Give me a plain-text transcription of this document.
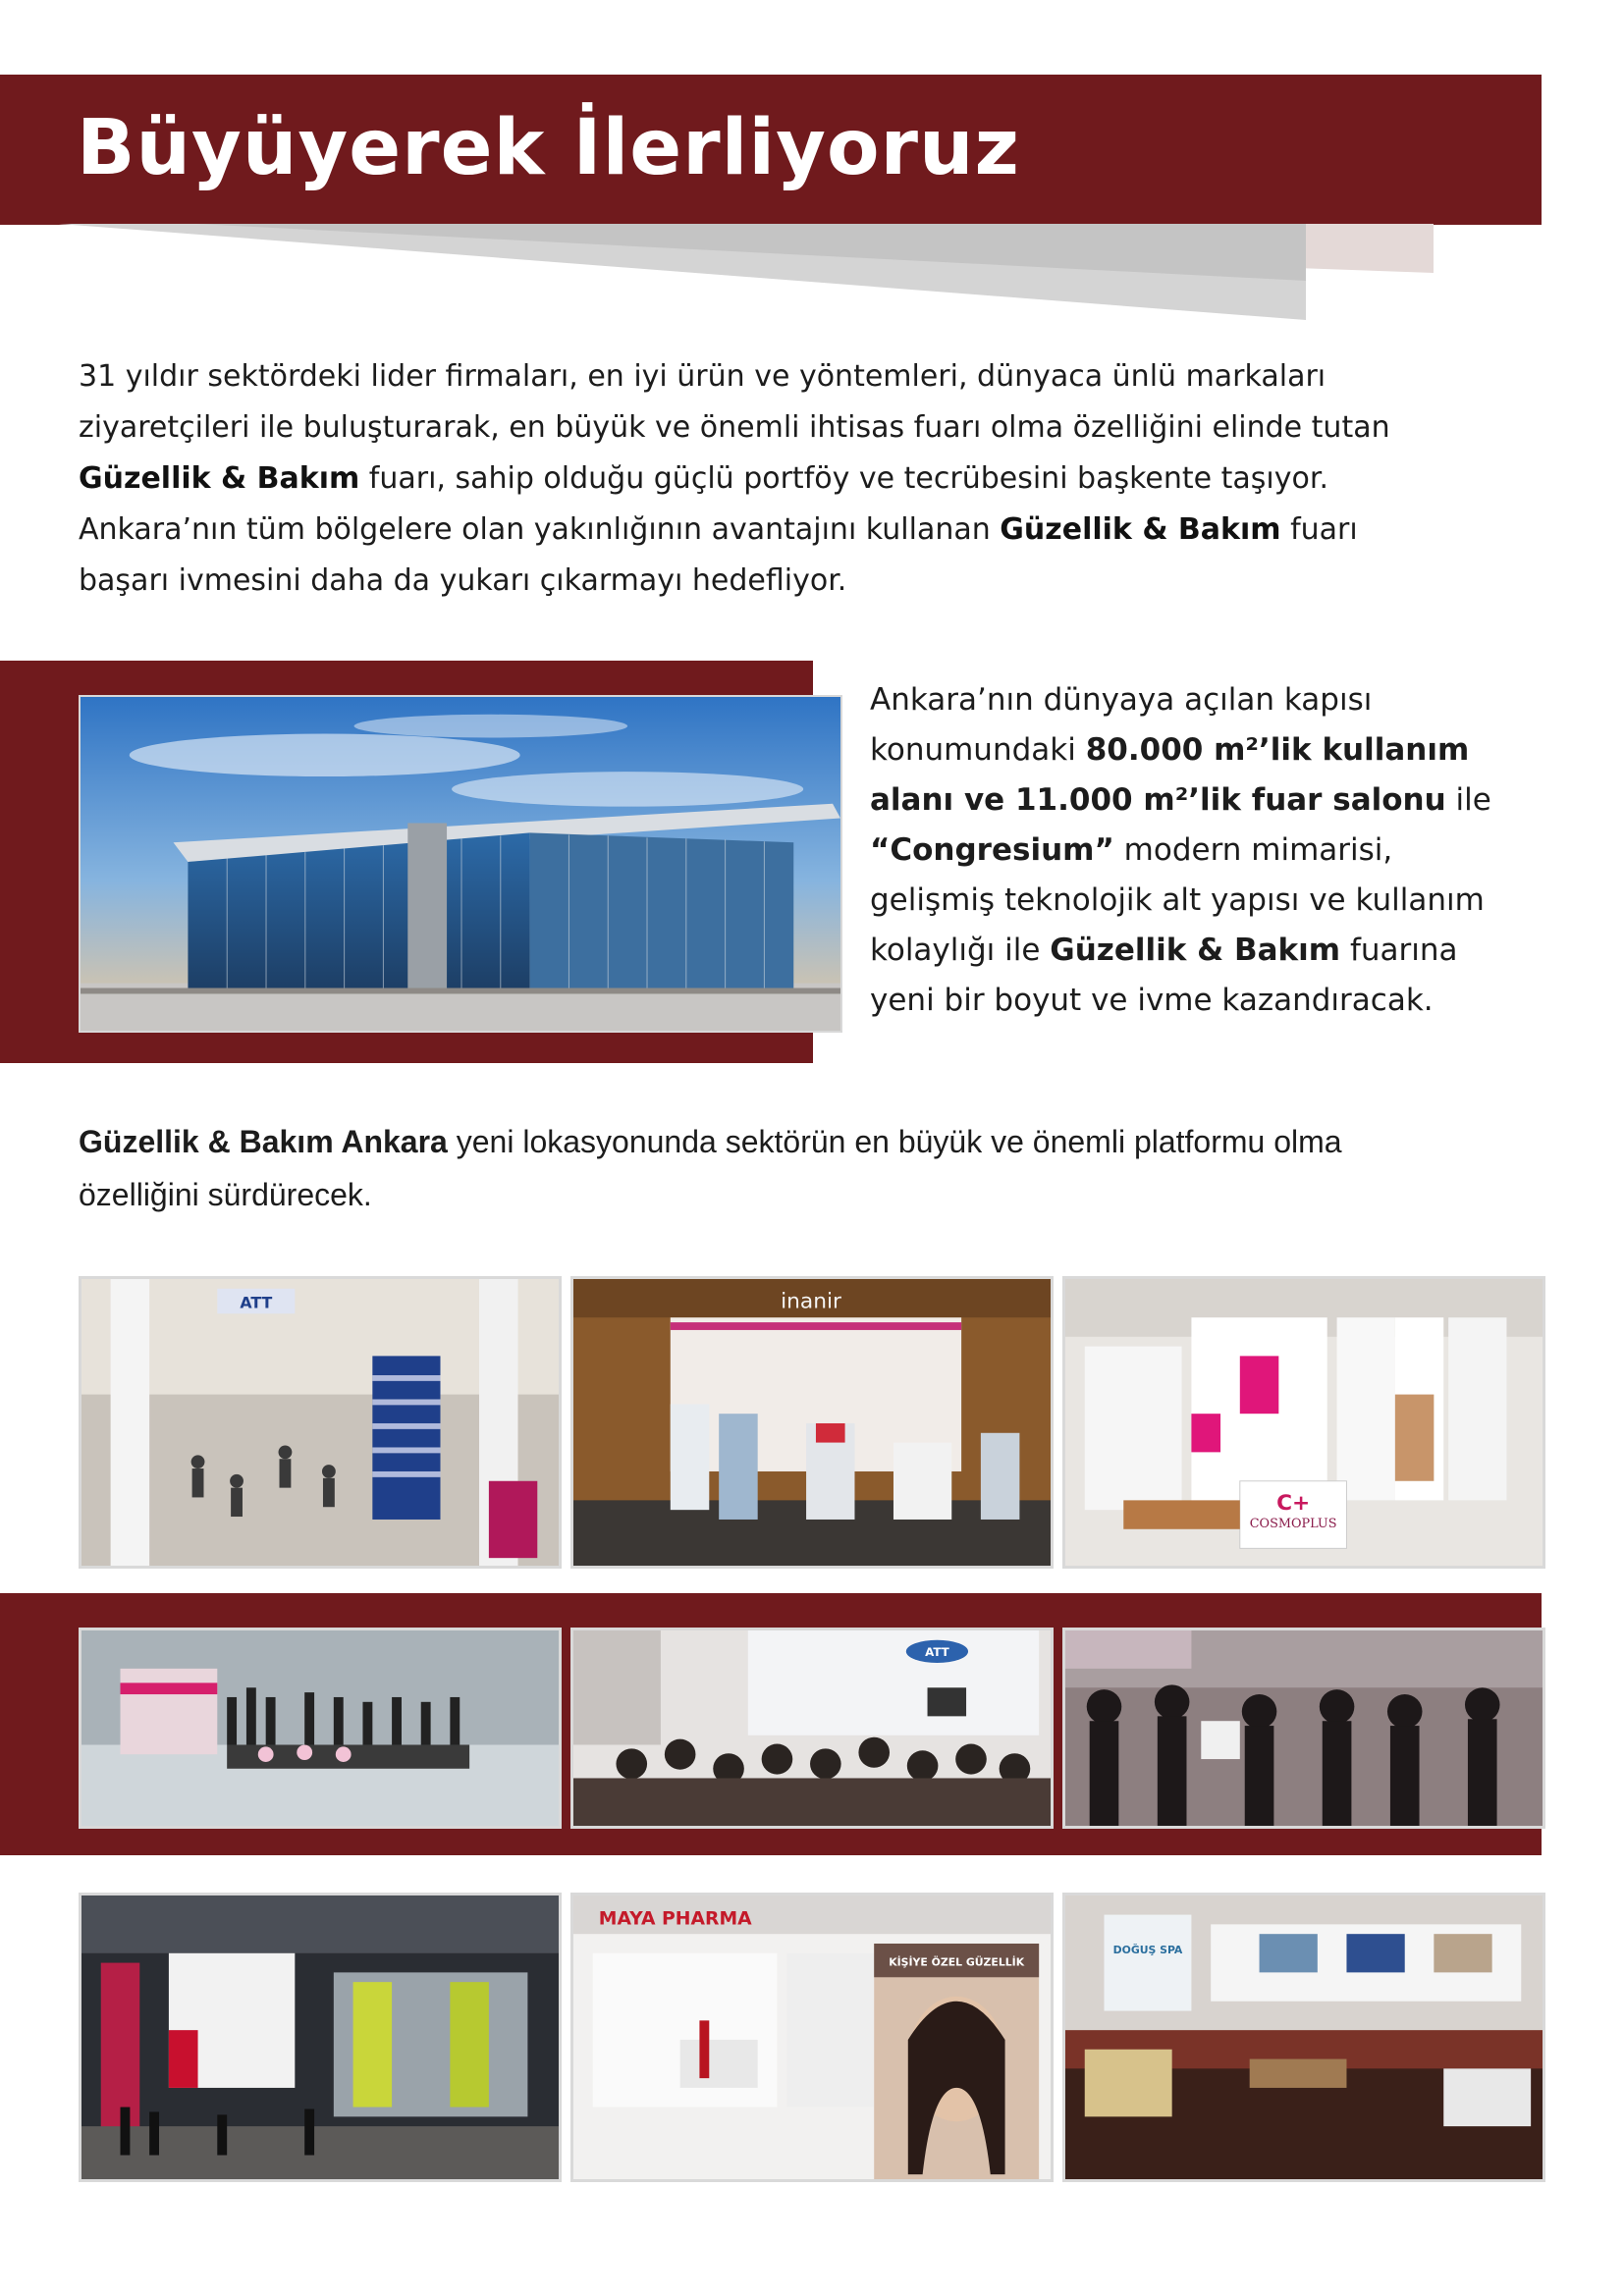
Büyüyerek İlerliyoruz
31 yıldır sektördeki lider firmaları, en iyi ürün ve yöntemleri, dünyaca ünlü markaları
ziyaretçileri ile buluşturarak, en büyük ve önemli ihtisas fuarı olma özelliğini elinde tutan
Güzellik & Bakım fuarı, sahip olduğu güçlü portföy ve tecrübesini başkente taşıyor.
Ankara’nın tüm bölgelere olan yakınlığının avantajını kullanan Güzellik & Bakım fuarı
başarı ivmesini daha da yukarı çıkarmayı hedefliyor.
Ankara’nın dünyaya açılan kapısı
konumundaki 80.000 m²’lik kullanım
alanı ve 11.000 m²’lik fuar salonu ile
“Congresium” modern mimarisi,
gelişmiş teknolojik alt yapısı ve kullanım
kolaylığı ile Güzellik & Bakım fuarına
yeni bir boyut ve ivme kazandıracak.
Güzellik & Bakım Ankara yeni lokasyonunda sektörün en büyük ve önemli platformu olma
özelliğini sürdürecek.
ATT	inanir
COSMOPLUS
C+
ATT
MAYA PHARMA
KİŞİYE ÖZEL GÜZELLİK
DOĞUŞ SPA
